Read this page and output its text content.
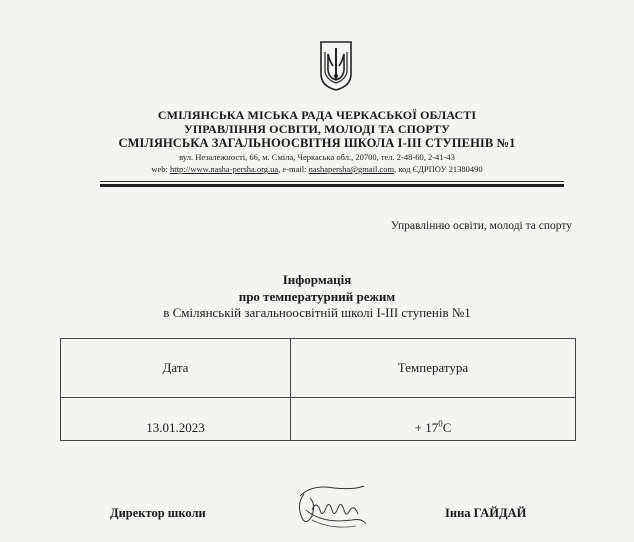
СМІЛЯНСЬКА МІСЬКА РАДА ЧЕРКАСЬКОЇ ОБЛАСТІ
УПРАВЛІННЯ ОСВІТИ, МОЛОДІ ТА СПОРТУ
СМІЛЯНСЬКА ЗАГАЛЬНООСВІТНЯ ШКОЛА І-ІІІ СТУПЕНІВ №1
вул. Незалежності, 66, м. Сміла, Черкаська обл., 20700, тел. 2-48-60, 2-41-43
web: http://www.nasha-persha.org.ua, e-mail: nashapersha@gmail.com, код ЄДРПОУ 21380490
Управлінню освіти, молоді та спорту
Інформація
про температурний режим
в Смілянській загальноосвітній школі І-ІІІ ступенів №1
Дата	Температура
13.01.2023	+ $17^0С$
Директор школи	Інна ГАЙДАЙ
